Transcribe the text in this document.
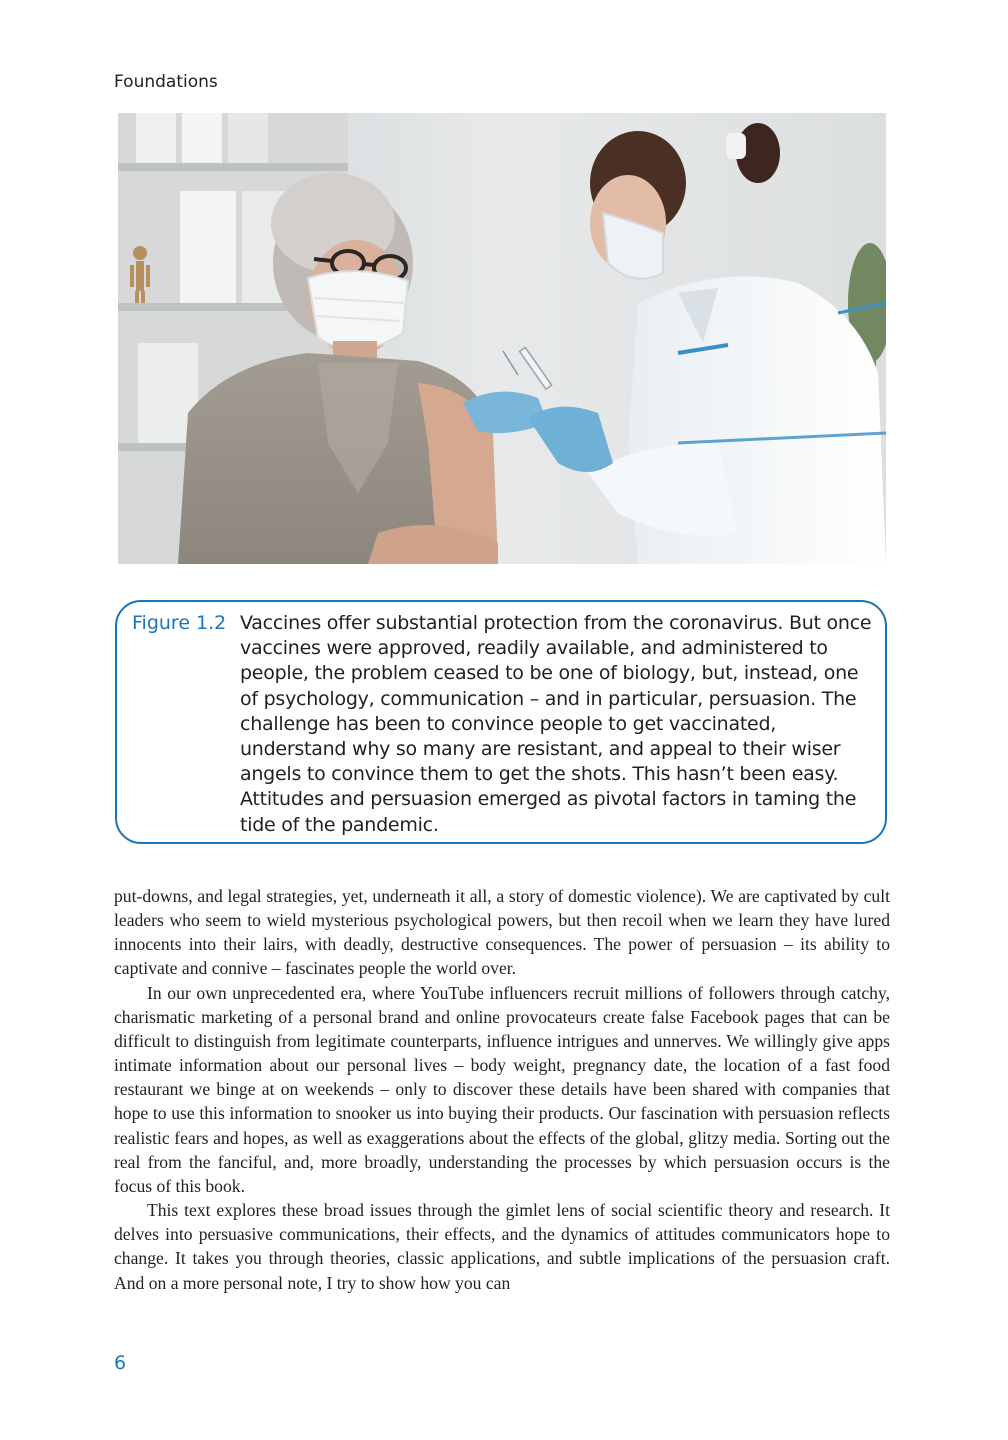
Foundations
Figure 1.2 Vaccines offer substantial protection from the coronavirus. But once vaccines were approved, readily available, and administered to people, the problem ceased to be one of biology, but, instead, one of psychology, communication – and in particular, persuasion. The challenge has been to convince people to get vaccinated, understand why so many are resistant, and appeal to their wiser angels to convince them to get the shots. This hasn’t been easy. Attitudes and persuasion emerged as pivotal factors in taming the tide of the pandemic.

put-downs, and legal strategies, yet, underneath it all, a story of domestic violence). We are captivated by cult leaders who seem to wield mysterious psychological powers, but then recoil when we learn they have lured innocents into their lairs, with deadly, destructive consequences. The power of persuasion – its ability to captivate and connive – fascinates people the world over.

In our own unprecedented era, where YouTube influencers recruit millions of followers through catchy, charismatic marketing of a personal brand and online provocateurs create false Facebook pages that can be difficult to distinguish from legitimate counterparts, influence intrigues and unnerves. We willingly give apps intimate information about our personal lives – body weight, pregnancy date, the location of a fast food restaurant we binge at on weekends – only to discover these details have been shared with companies that hope to use this information to snooker us into buying their products. Our fascination with persuasion reflects realistic fears and hopes, as well as exaggerations about the effects of the global, glitzy media. Sorting out the real from the fanciful, and, more broadly, understanding the processes by which persuasion occurs is the focus of this book.

This text explores these broad issues through the gimlet lens of social scientific theory and research. It delves into persuasive communications, their effects, and the dynamics of attitudes communicators hope to change. It takes you through theories, classic applications, and subtle implications of the persuasion craft. And on a more personal note, I try to show how you can

6
